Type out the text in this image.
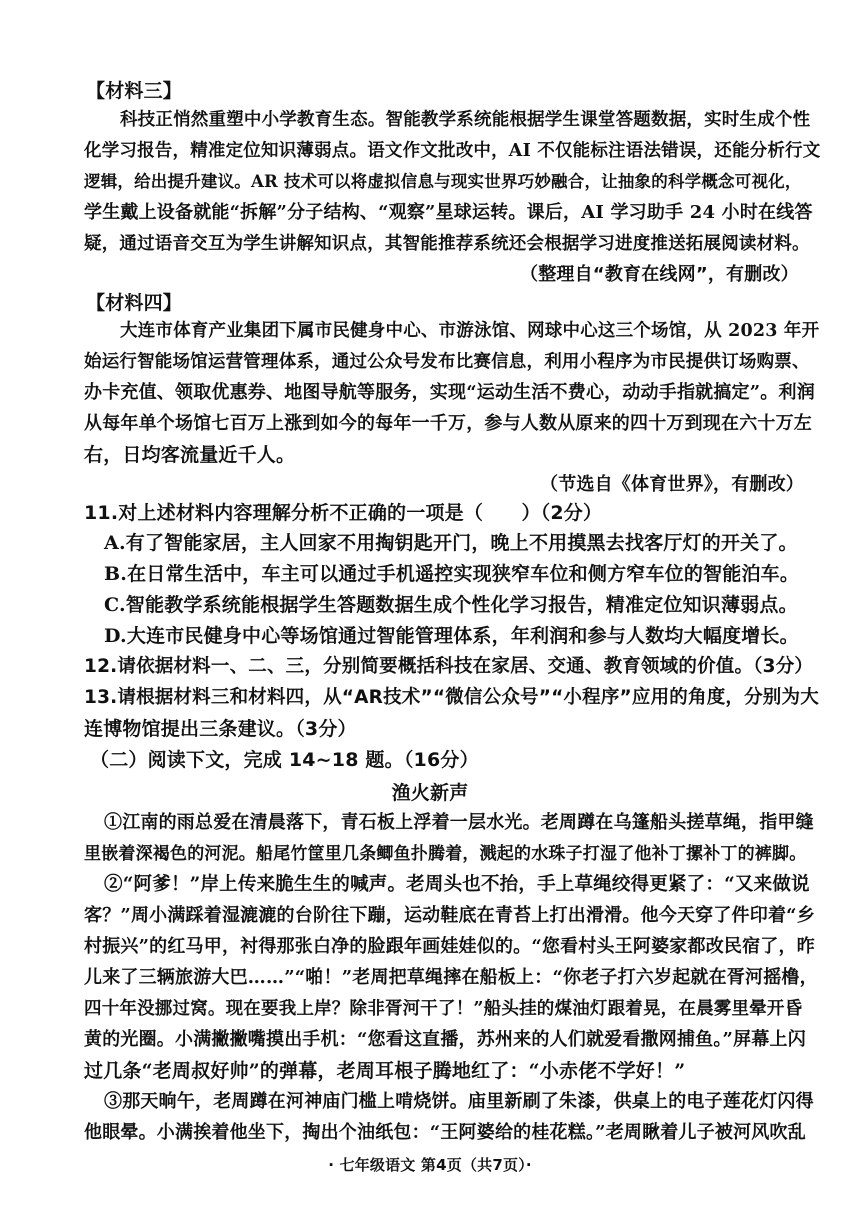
【材料三】
科技正悄然重塑中小学教育生态。智能教学系统能根据学生课堂答题数据，实时生成个性
化学习报告，精准定位知识薄弱点。语文作文批改中，AI 不仅能标注语法错误，还能分析行文
逻辑，给出提升建议。AR 技术可以将虚拟信息与现实世界巧妙融合，让抽象的科学概念可视化，
学生戴上设备就能“拆解”分子结构、“观察”星球运转。课后，AI 学习助手 24 小时在线答
疑，通过语音交互为学生讲解知识点，其智能推荐系统还会根据学习进度推送拓展阅读材料。
（整理自“教育在线网”，有删改）
【材料四】
大连市体育产业集团下属市民健身中心、市游泳馆、网球中心这三个场馆，从 2023 年开
始运行智能场馆运营管理体系，通过公众号发布比赛信息，利用小程序为市民提供订场购票、
办卡充值、领取优惠券、地图导航等服务，实现“运动生活不费心，动动手指就搞定”。利润
从每年单个场馆七百万上涨到如今的每年一千万，参与人数从原来的四十万到现在六十万左
右，日均客流量近千人。
（节选自《体育世界》，有删改）
11.对上述材料内容理解分析不正确的一项是（　　）（2分）
A.有了智能家居，主人回家不用掏钥匙开门，晚上不用摸黑去找客厅灯的开关了。
B.在日常生活中，车主可以通过手机遥控实现狭窄车位和侧方窄车位的智能泊车。
C.智能教学系统能根据学生答题数据生成个性化学习报告，精准定位知识薄弱点。
D.大连市民健身中心等场馆通过智能管理体系，年利润和参与人数均大幅度增长。
12.请依据材料一、二、三，分别简要概括科技在家居、交通、教育领域的价值。（3分）
13.请根据材料三和材料四，从“AR技术”“微信公众号”“小程序”应用的角度，分别为大
连博物馆提出三条建议。（3分）
（二）阅读下文，完成 14~18 题。（16分）
渔火新声
①江南的雨总爱在清晨落下，青石板上浮着一层水光。老周蹲在乌篷船头搓草绳，指甲缝
里嵌着深褐色的河泥。船尾竹筐里几条鲫鱼扑腾着，溅起的水珠子打湿了他补丁摞补丁的裤脚。
②“阿爹！”岸上传来脆生生的喊声。老周头也不抬，手上草绳绞得更紧了：“又来做说
客？”周小满踩着湿漉漉的台阶往下蹦，运动鞋底在青苔上打出滑滑。他今天穿了件印着“乡
村振兴”的红马甲，衬得那张白净的脸跟年画娃娃似的。“您看村头王阿婆家都改民宿了，昨
儿来了三辆旅游大巴……”“啪！”老周把草绳摔在船板上：“你老子打六岁起就在胥河摇橹，
四十年没挪过窝。现在要我上岸？除非胥河干了！”船头挂的煤油灯跟着晃，在晨雾里晕开昏
黄的光圈。小满撇撇嘴摸出手机：“您看这直播，苏州来的人们就爱看撒网捕鱼。”屏幕上闪
过几条“老周叔好帅”的弹幕，老周耳根子腾地红了：“小赤佬不学好！”
③那天晌午，老周蹲在河神庙门槛上啃烧饼。庙里新刷了朱漆，供桌上的电子莲花灯闪得
他眼晕。小满挨着他坐下，掏出个油纸包：“王阿婆给的桂花糕。”老周瞅着儿子被河风吹乱
· 七年级语文 第4页（共7页）·
